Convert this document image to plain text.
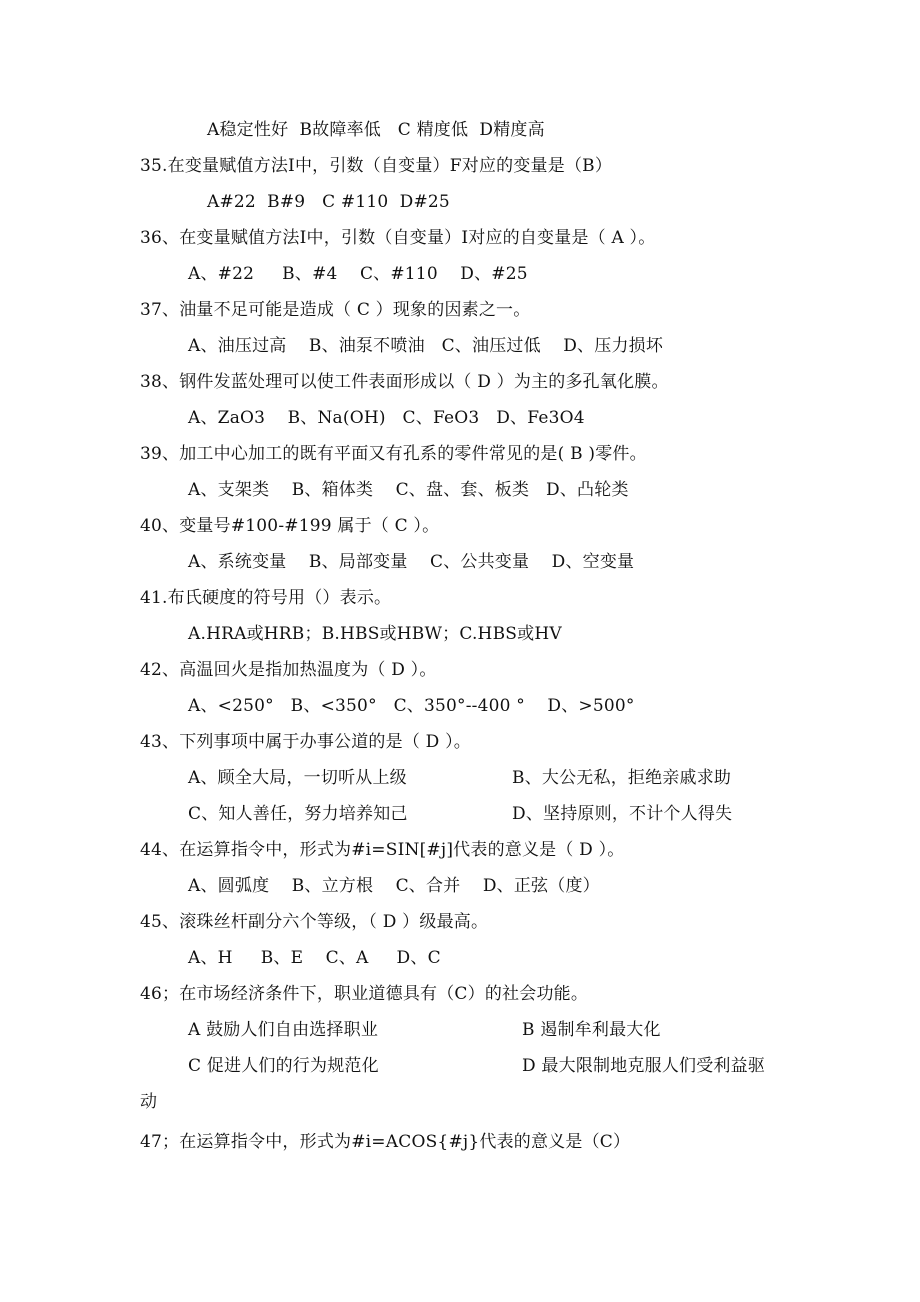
A稳定性好  B故障率低   C 精度低  D精度高
35.在变量赋值方法Ⅰ中，引数（自变量）F对应的变量是（B）
A#22  B#9   C #110  D#25
36、在变量赋值方法Ⅰ中，引数（自变量）I对应的自变量是（ A ）。
A、#22     B、#4    C、#110    D、#25
37、油量不足可能是造成（ C ）现象的因素之一。
A、油压过高    B、油泵不喷油   C、油压过低    D、压力损坏
38、钢件发蓝处理可以使工件表面形成以（ D ）为主的多孔氧化膜。
A、ZaO3    B、Na(OH)   C、FeO3   D、Fe3O4
39、加工中心加工的既有平面又有孔系的零件常见的是( B )零件。
A、支架类    B、箱体类    C、盘、套、板类   D、凸轮类
40、变量号#100-#199 属于（ C ）。
A、系统变量    B、局部变量    C、公共变量    D、空变量
41.布氏硬度的符号用（）表示。
A.HRA或HRB；B.HBS或HBW；C.HBS或HV
42、高温回火是指加热温度为（ D ）。
A、<250°   B、<350°   C、350°--400 °    D、>500°
43、下列事项中属于办事公道的是（ D ）。
A、顾全大局，一切听从上级	B、大公无私，拒绝亲戚求助
C、知人善任，努力培养知己	D、坚持原则，不计个人得失
44、在运算指令中，形式为#i=SIN[#j]代表的意义是（ D ）。
A、圆弧度    B、立方根    C、合并    D、正弦（度）
45、滚珠丝杆副分六个等级，（ D ）级最高。
A、H     B、E    C、A     D、C
46；在市场经济条件下，职业道德具有（C）的社会功能。
A 鼓励人们自由选择职业	B 遏制牟利最大化
C 促进人们的行为规范化	D 最大限制地克服人们受利益驱
动
47；在运算指令中，形式为#i=ACOS{#j}代表的意义是（C）
